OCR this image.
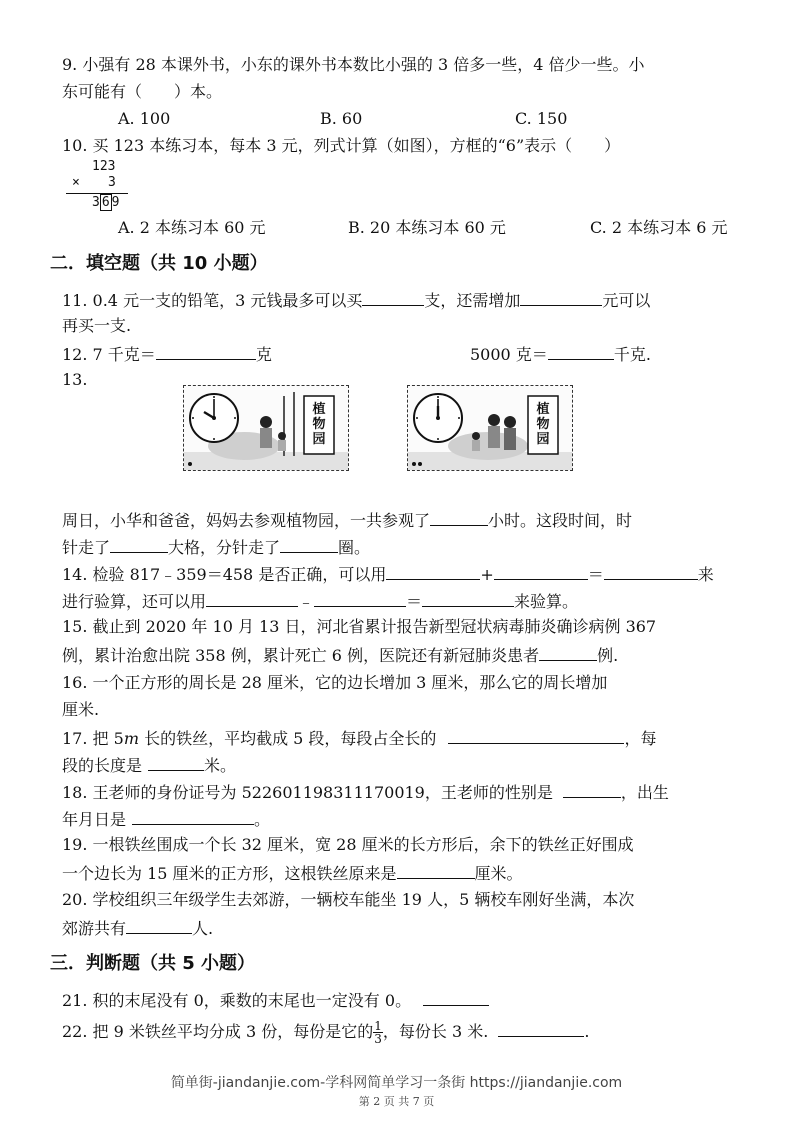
9. 小强有 28 本课外书，小东的课外书本数比小强的 3 倍多一些，4 倍少一些。小
东可能有（　　）本。
A. 100	B. 60	C. 150
10. 买 123 本练习本，每本 3 元，列式计算（如图），方框的“6”表示（　　）
123
× 3
3 6 9
A. 2 本练习本 60 元	B. 20 本练习本 60 元	C. 2 本练习本 6 元
二．填空题（共 10 小题）
11. 0.4 元一支的铅笔，3 元钱最多可以买	支，还需增加	元可以
再买一支.
12. 7 千克＝	克	5000 克＝	千克.
13.
植物园
植物园
周日，小华和爸爸，妈妈去参观植物园，一共参观了	小时。这段时间，时
针走了	大格，分针走了	圈。
14. 检验 817﹣359＝458 是否正确，可以用	+	＝	来
进行验算，还可以用	﹣	＝	来验算。
15. 截止到 2020 年 10 月 13 日，河北省累计报告新型冠状病毒肺炎确诊病例 367
例，累计治愈出院 358 例，累计死亡 6 例，医院还有新冠肺炎患者	例.
16. 一个正方形的周长是 28 厘米，它的边长增加 3 厘米，那么它的周长增加
厘米.
17. 把 5m 长的铁丝，平均截成 5 段，每段占全长的	，每
段的长度是	米。
18. 王老师的身份证号为 522601198311170019，王老师的性别是	，出生
年月日是	。
19. 一根铁丝围成一个长 32 厘米，宽 28 厘米的长方形后，余下的铁丝正好围成
一个边长为 15 厘米的正方形，这根铁丝原来是	厘米。
20. 学校组织三年级学生去郊游，一辆校车能坐 19 人，5 辆校车刚好坐满，本次
郊游共有	人.
三．判断题（共 5 小题）
21. 积的末尾没有 0，乘数的末尾也一定没有 0。
22. 把 9 米铁丝平均分成 3 份，每份是它的 $\frac{1}{3}$ ，每份长 3 米.	.
简单街-jiandanjie.com-学科网简单学习一条街 https://jiandanjie.com
第 2 页 共 7 页
